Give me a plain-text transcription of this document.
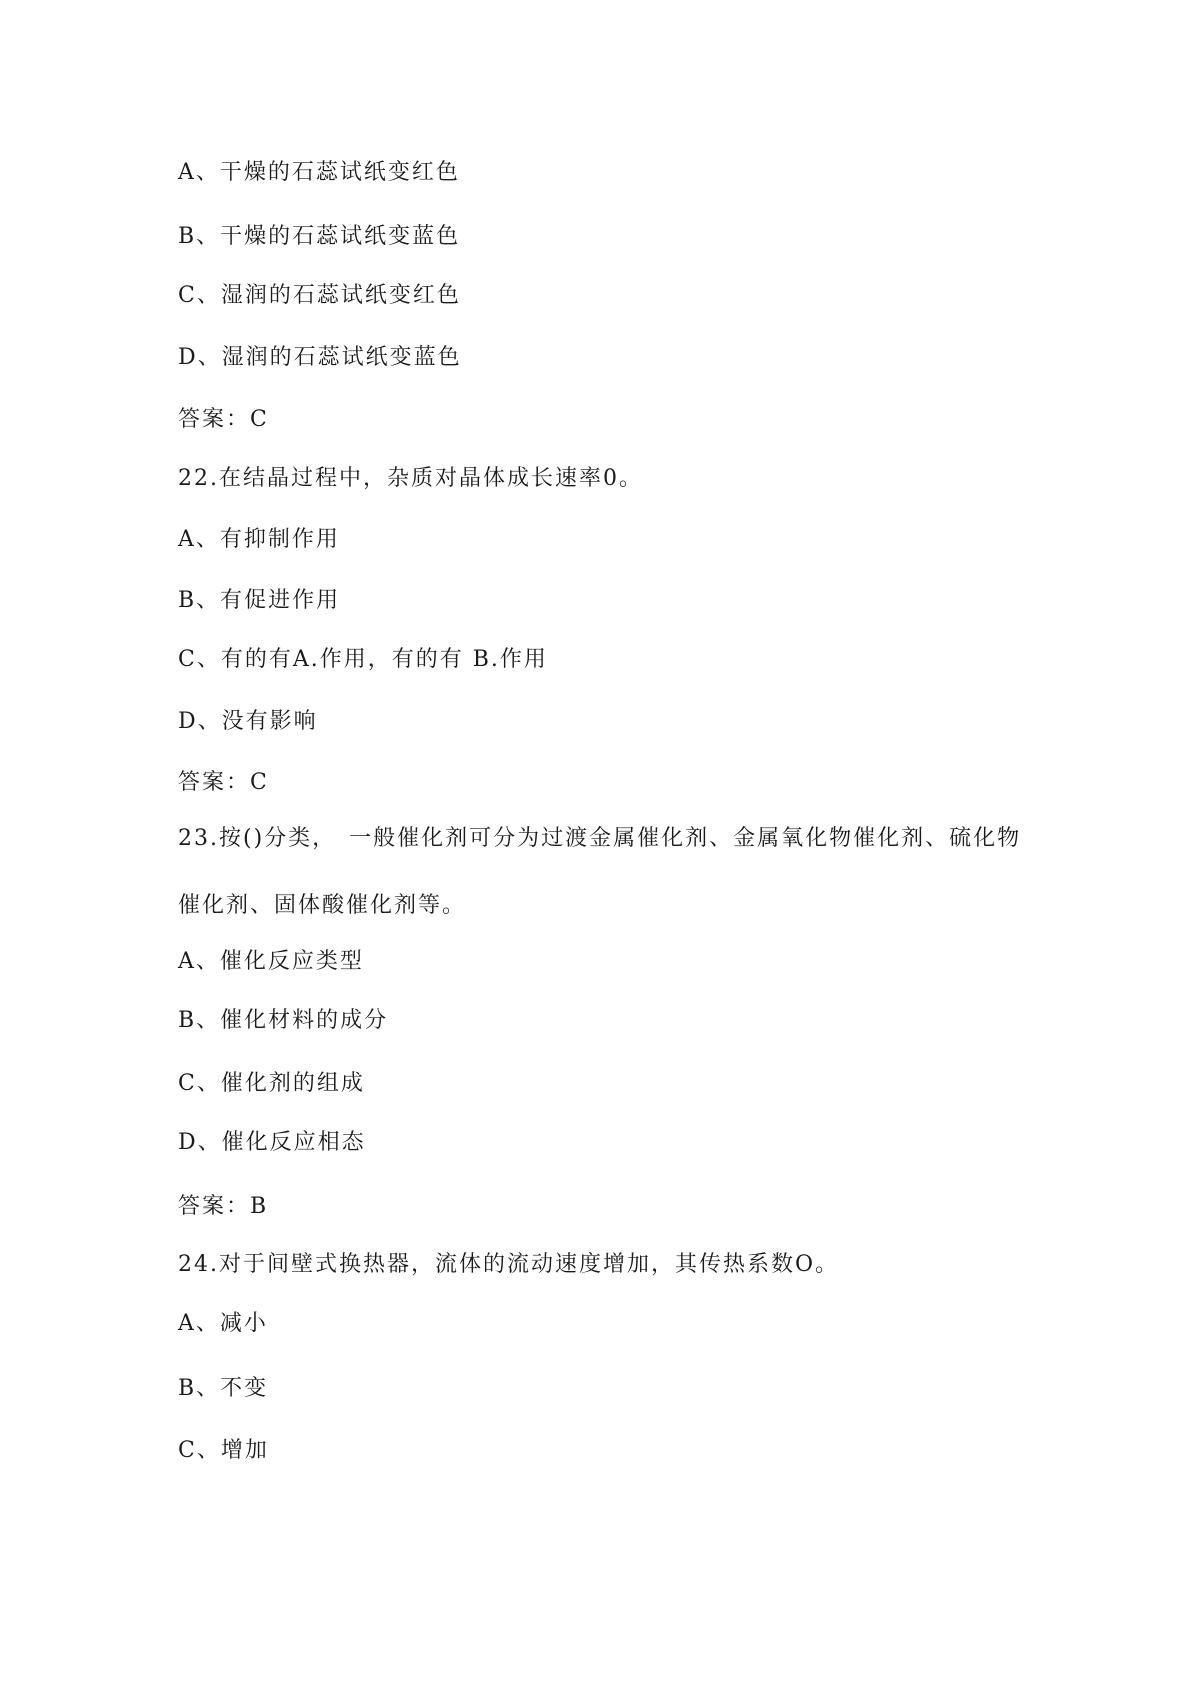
A、干燥的石蕊试纸变红色
B、干燥的石蕊试纸变蓝色
C、湿润的石蕊试纸变红色
D、湿润的石蕊试纸变蓝色
答案：C
22.在结晶过程中，杂质对晶体成长速率0。
A、有抑制作用
B、有促进作用
C、有的有A.作用，有的有 B.作用
D、没有影响
答案：C
23.按()分类，　一般催化剂可分为过渡金属催化剂、金属氧化物催化剂、硫化物
催化剂、固体酸催化剂等。
A、催化反应类型
B、催化材料的成分
C、催化剂的组成
D、催化反应相态
答案：B
24.对于间壁式换热器，流体的流动速度增加，其传热系数O。
A、减小
B、不变
C、增加
